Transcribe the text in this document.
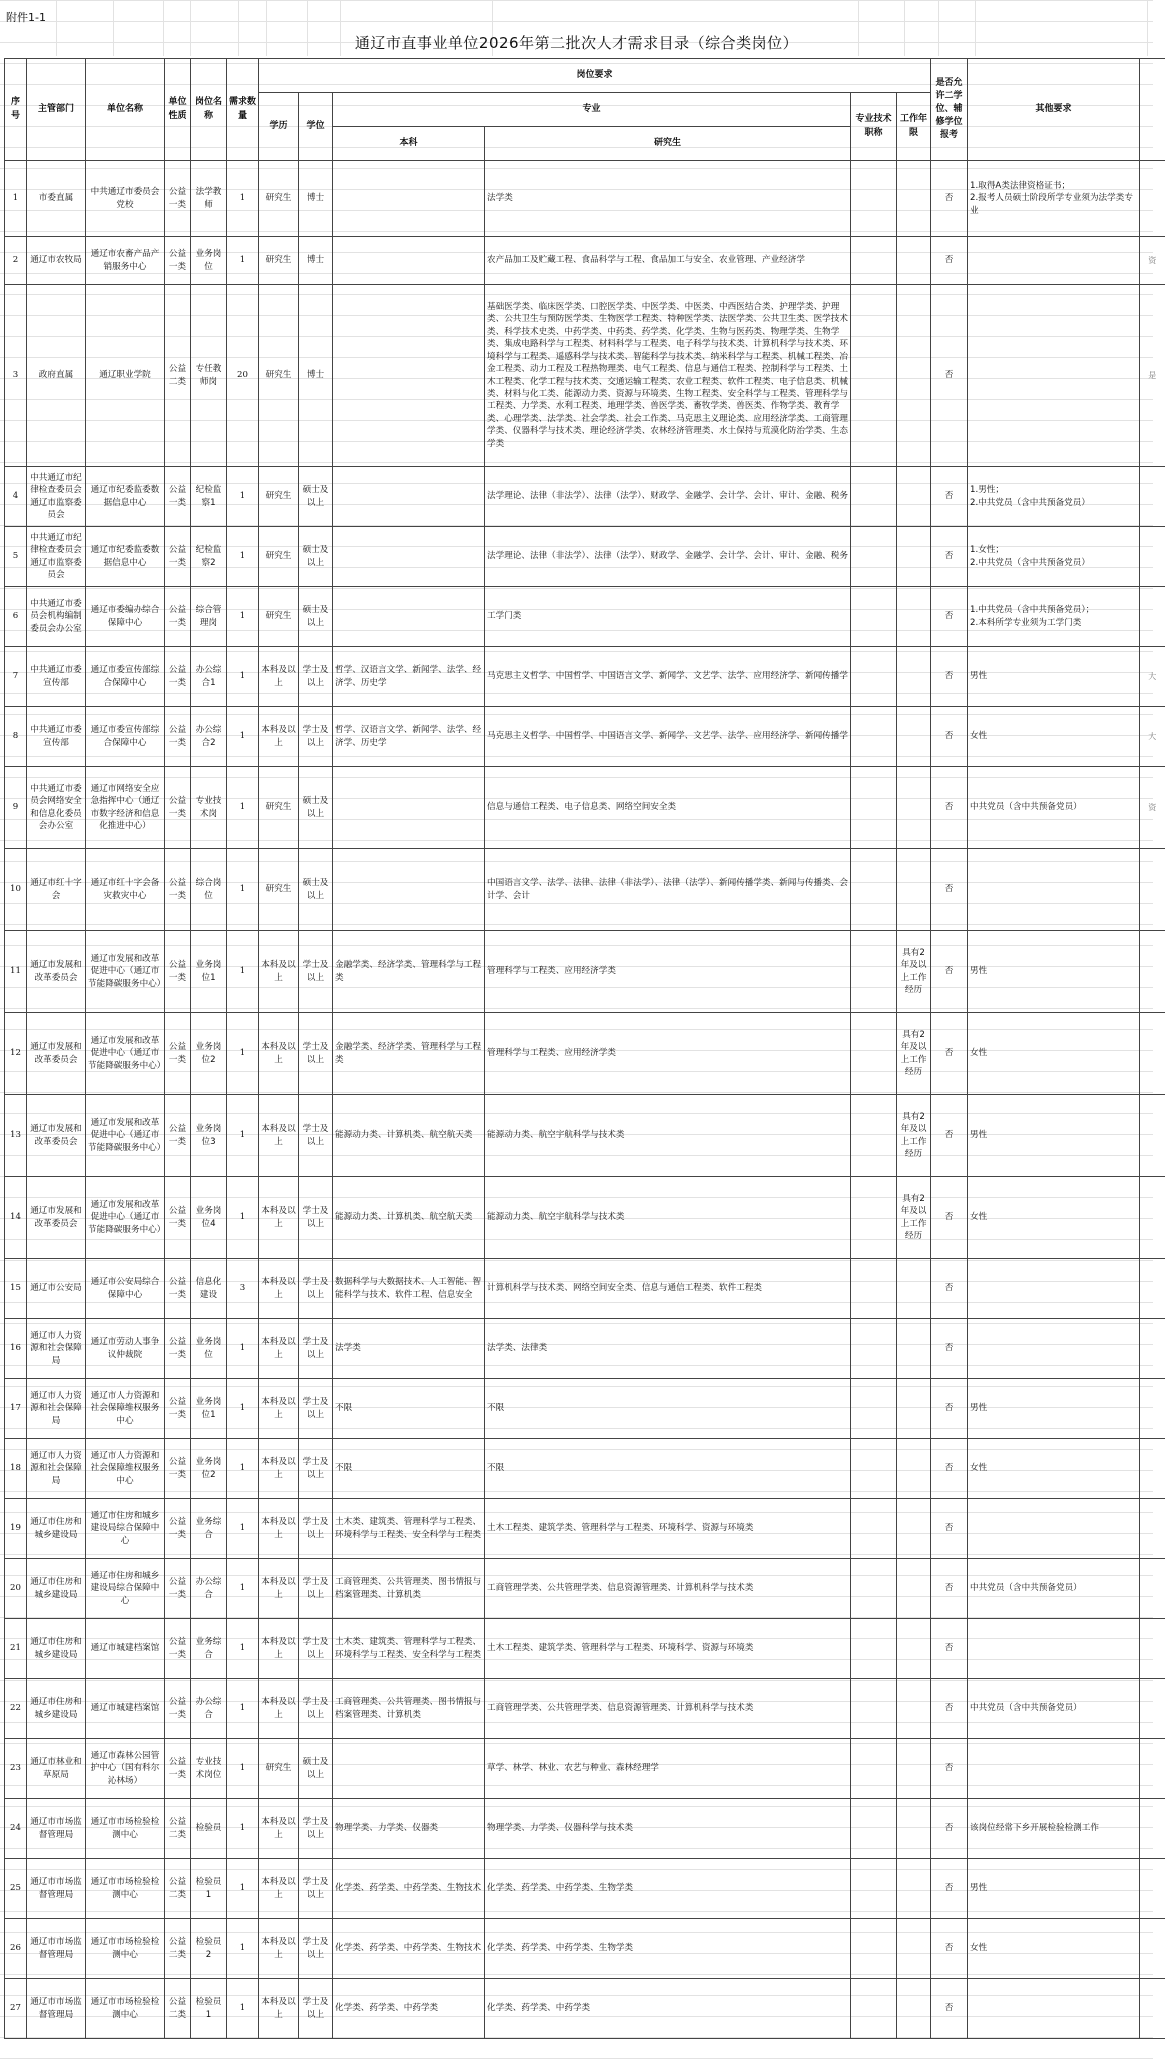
附件1-1
通辽市直事业单位2026年第二批次人才需求目录（综合类岗位）
序号	主管部门	单位名称	单位性质	岗位名称	需求数量	岗位要求						是否允许二学位、辅修学位报考	其他要求	
						学历	学位	专业		专业技术职称	工作年限			
								本科	研究生					
1	市委直属	中共通辽市委员会党校	公益一类	法学教师	1	研究生	博士		法学类			否	1.取得A类法律资格证书；
2.报考人员硕士阶段所学专业须为法学类专业	
2	通辽市农牧局	通辽市农畜产品产销服务中心	公益一类	业务岗位	1	研究生	博士		农产品加工及贮藏工程、食品科学与工程、食品加工与安全、农业管理、产业经济学			否		资
3	政府直属	通辽职业学院	公益二类	专任教师岗	20	研究生	博士		基础医学类、临床医学类、口腔医学类、中医学类、中医类、中西医结合类、护理学类、护理类、公共卫生与预防医学类、生物医学工程类、特种医学类、法医学类、公共卫生类、医学技术类、科学技术史类、中药学类、中药类、药学类、化学类、生物与医药类、物理学类、生物学类、集成电路科学与工程类、材料科学与工程类、电子科学与技术类、计算机科学与技术类、环境科学与工程类、遥感科学与技术类、智能科学与技术类、纳米科学与工程类、机械工程类、冶金工程类、动力工程及工程热物理类、电气工程类、信息与通信工程类、控制科学与工程类、土木工程类、化学工程与技术类、交通运输工程类、农业工程类、软件工程类、电子信息类、机械类、材料与化工类、能源动力类、资源与环境类、生物工程类、安全科学与工程类、管理科学与工程类、力学类、水利工程类、地理学类、兽医学类、畜牧学类、兽医类、作物学类、教育学类、心理学类、法学类、社会学类、社会工作类、马克思主义理论类、应用经济学类、工商管理学类、仪器科学与技术类、理论经济学类、农林经济管理类、水土保持与荒漠化防治学类、生态学类			否		是
4	中共通辽市纪律检查委员会 通辽市监察委员会	通辽市纪委监委数据信息中心	公益一类	纪检监察1	1	研究生	硕士及以上		法学理论、法律（非法学）、法律（法学）、财政学、金融学、会计学、会计、审计、金融、税务			否	1.男性；
2.中共党员（含中共预备党员）	
5	中共通辽市纪律检查委员会 通辽市监察委员会	通辽市纪委监委数据信息中心	公益一类	纪检监察2	1	研究生	硕士及以上		法学理论、法律（非法学）、法律（法学）、财政学、金融学、会计学、会计、审计、金融、税务			否	1.女性；
2.中共党员（含中共预备党员）	
6	中共通辽市委员会机构编制委员会办公室	通辽市委编办综合保障中心	公益一类	综合管理岗	1	研究生	硕士及以上		工学门类			否	1.中共党员（含中共预备党员）；
2.本科所学专业须为工学门类	
7	中共通辽市委宣传部	通辽市委宣传部综合保障中心	公益一类	办公综合1	1	本科及以上	学士及以上	哲学、汉语言文学、新闻学、法学、经济学、历史学	马克思主义哲学、中国哲学、中国语言文学、新闻学、文艺学、法学、应用经济学、新闻传播学			否	男性	大
8	中共通辽市委宣传部	通辽市委宣传部综合保障中心	公益一类	办公综合2	1	本科及以上	学士及以上	哲学、汉语言文学、新闻学、法学、经济学、历史学	马克思主义哲学、中国哲学、中国语言文学、新闻学、文艺学、法学、应用经济学、新闻传播学			否	女性	大
9	中共通辽市委员会网络安全和信息化委员会办公室	通辽市网络安全应急指挥中心（通辽市数字经济和信息化推进中心）	公益一类	专业技术岗	1	研究生	硕士及以上		信息与通信工程类、电子信息类、网络空间安全类			否	中共党员（含中共预备党员）	资
10	通辽市红十字会	通辽市红十字会备灾救灾中心	公益一类	综合岗位	1	研究生	硕士及以上		中国语言文学、法学、法律、法律（非法学）、法律（法学）、新闻传播学类、新闻与传播类、会计学、会计			否		
11	通辽市发展和改革委员会	通辽市发展和改革促进中心（通辽市节能降碳服务中心）	公益一类	业务岗位1	1	本科及以上	学士及以上	金融学类、经济学类、管理科学与工程类	管理科学与工程类、应用经济学类		具有2年及以上工作经历	否	男性	
12	通辽市发展和改革委员会	通辽市发展和改革促进中心（通辽市节能降碳服务中心）	公益一类	业务岗位2	1	本科及以上	学士及以上	金融学类、经济学类、管理科学与工程类	管理科学与工程类、应用经济学类		具有2年及以上工作经历	否	女性	
13	通辽市发展和改革委员会	通辽市发展和改革促进中心（通辽市节能降碳服务中心）	公益一类	业务岗位3	1	本科及以上	学士及以上	能源动力类、计算机类、航空航天类	能源动力类、航空宇航科学与技术类		具有2年及以上工作经历	否	男性	
14	通辽市发展和改革委员会	通辽市发展和改革促进中心（通辽市节能降碳服务中心）	公益一类	业务岗位4	1	本科及以上	学士及以上	能源动力类、计算机类、航空航天类	能源动力类、航空宇航科学与技术类		具有2年及以上工作经历	否	女性	
15	通辽市公安局	通辽市公安局综合保障中心	公益一类	信息化建设	3	本科及以上	学士及以上	数据科学与大数据技术、人工智能、智能科学与技术、软件工程、信息安全	计算机科学与技术类、网络空间安全类、信息与通信工程类、软件工程类			否		
16	通辽市人力资源和社会保障局	通辽市劳动人事争议仲裁院	公益一类	业务岗位	1	本科及以上	学士及以上	法学类	法学类、法律类			否		
17	通辽市人力资源和社会保障局	通辽市人力资源和社会保障维权服务中心	公益一类	业务岗位1	1	本科及以上	学士及以上	不限	不限			否	男性	
18	通辽市人力资源和社会保障局	通辽市人力资源和社会保障维权服务中心	公益一类	业务岗位2	1	本科及以上	学士及以上	不限	不限			否	女性	
19	通辽市住房和城乡建设局	通辽市住房和城乡建设局综合保障中心	公益一类	业务综合	1	本科及以上	学士及以上	土木类、建筑类、管理科学与工程类、环境科学与工程类、安全科学与工程类	土木工程类、建筑学类、管理科学与工程类、环境科学、资源与环境类			否		
20	通辽市住房和城乡建设局	通辽市住房和城乡建设局综合保障中心	公益一类	办公综合	1	本科及以上	学士及以上	工商管理类、公共管理类、图书情报与档案管理类、计算机类	工商管理学类、公共管理学类、信息资源管理类、计算机科学与技术类			否	中共党员（含中共预备党员）	
21	通辽市住房和城乡建设局	通辽市城建档案馆	公益一类	业务综合	1	本科及以上	学士及以上	土木类、建筑类、管理科学与工程类、环境科学与工程类、安全科学与工程类	土木工程类、建筑学类、管理科学与工程类、环境科学、资源与环境类			否		
22	通辽市住房和城乡建设局	通辽市城建档案馆	公益一类	办公综合	1	本科及以上	学士及以上	工商管理类、公共管理类、图书情报与档案管理类、计算机类	工商管理学类、公共管理学类、信息资源管理类、计算机科学与技术类			否	中共党员（含中共预备党员）	
23	通辽市林业和草原局	通辽市森林公园管护中心（国有科尔沁林场）	公益一类	专业技术岗位	1	研究生	硕士及以上		草学、林学、林业、农艺与种业、森林经理学			否		
24	通辽市市场监督管理局	通辽市市场检验检测中心	公益二类	检验员	1	本科及以上	学士及以上	物理学类、力学类、仪器类	物理学类、力学类、仪器科学与技术类			否	该岗位经常下乡开展检验检测工作	
25	通辽市市场监督管理局	通辽市市场检验检测中心	公益二类	检验员1	1	本科及以上	学士及以上	化学类、药学类、中药学类、生物技术	化学类、药学类、中药学类、生物学类			否	男性	
26	通辽市市场监督管理局	通辽市市场检验检测中心	公益二类	检验员2	1	本科及以上	学士及以上	化学类、药学类、中药学类、生物技术	化学类、药学类、中药学类、生物学类			否	女性	
27	通辽市市场监督管理局	通辽市市场检验检测中心	公益二类	检验员1	1	本科及以上	学士及以上	化学类、药学类、中药学类	化学类、药学类、中药学类			否		
